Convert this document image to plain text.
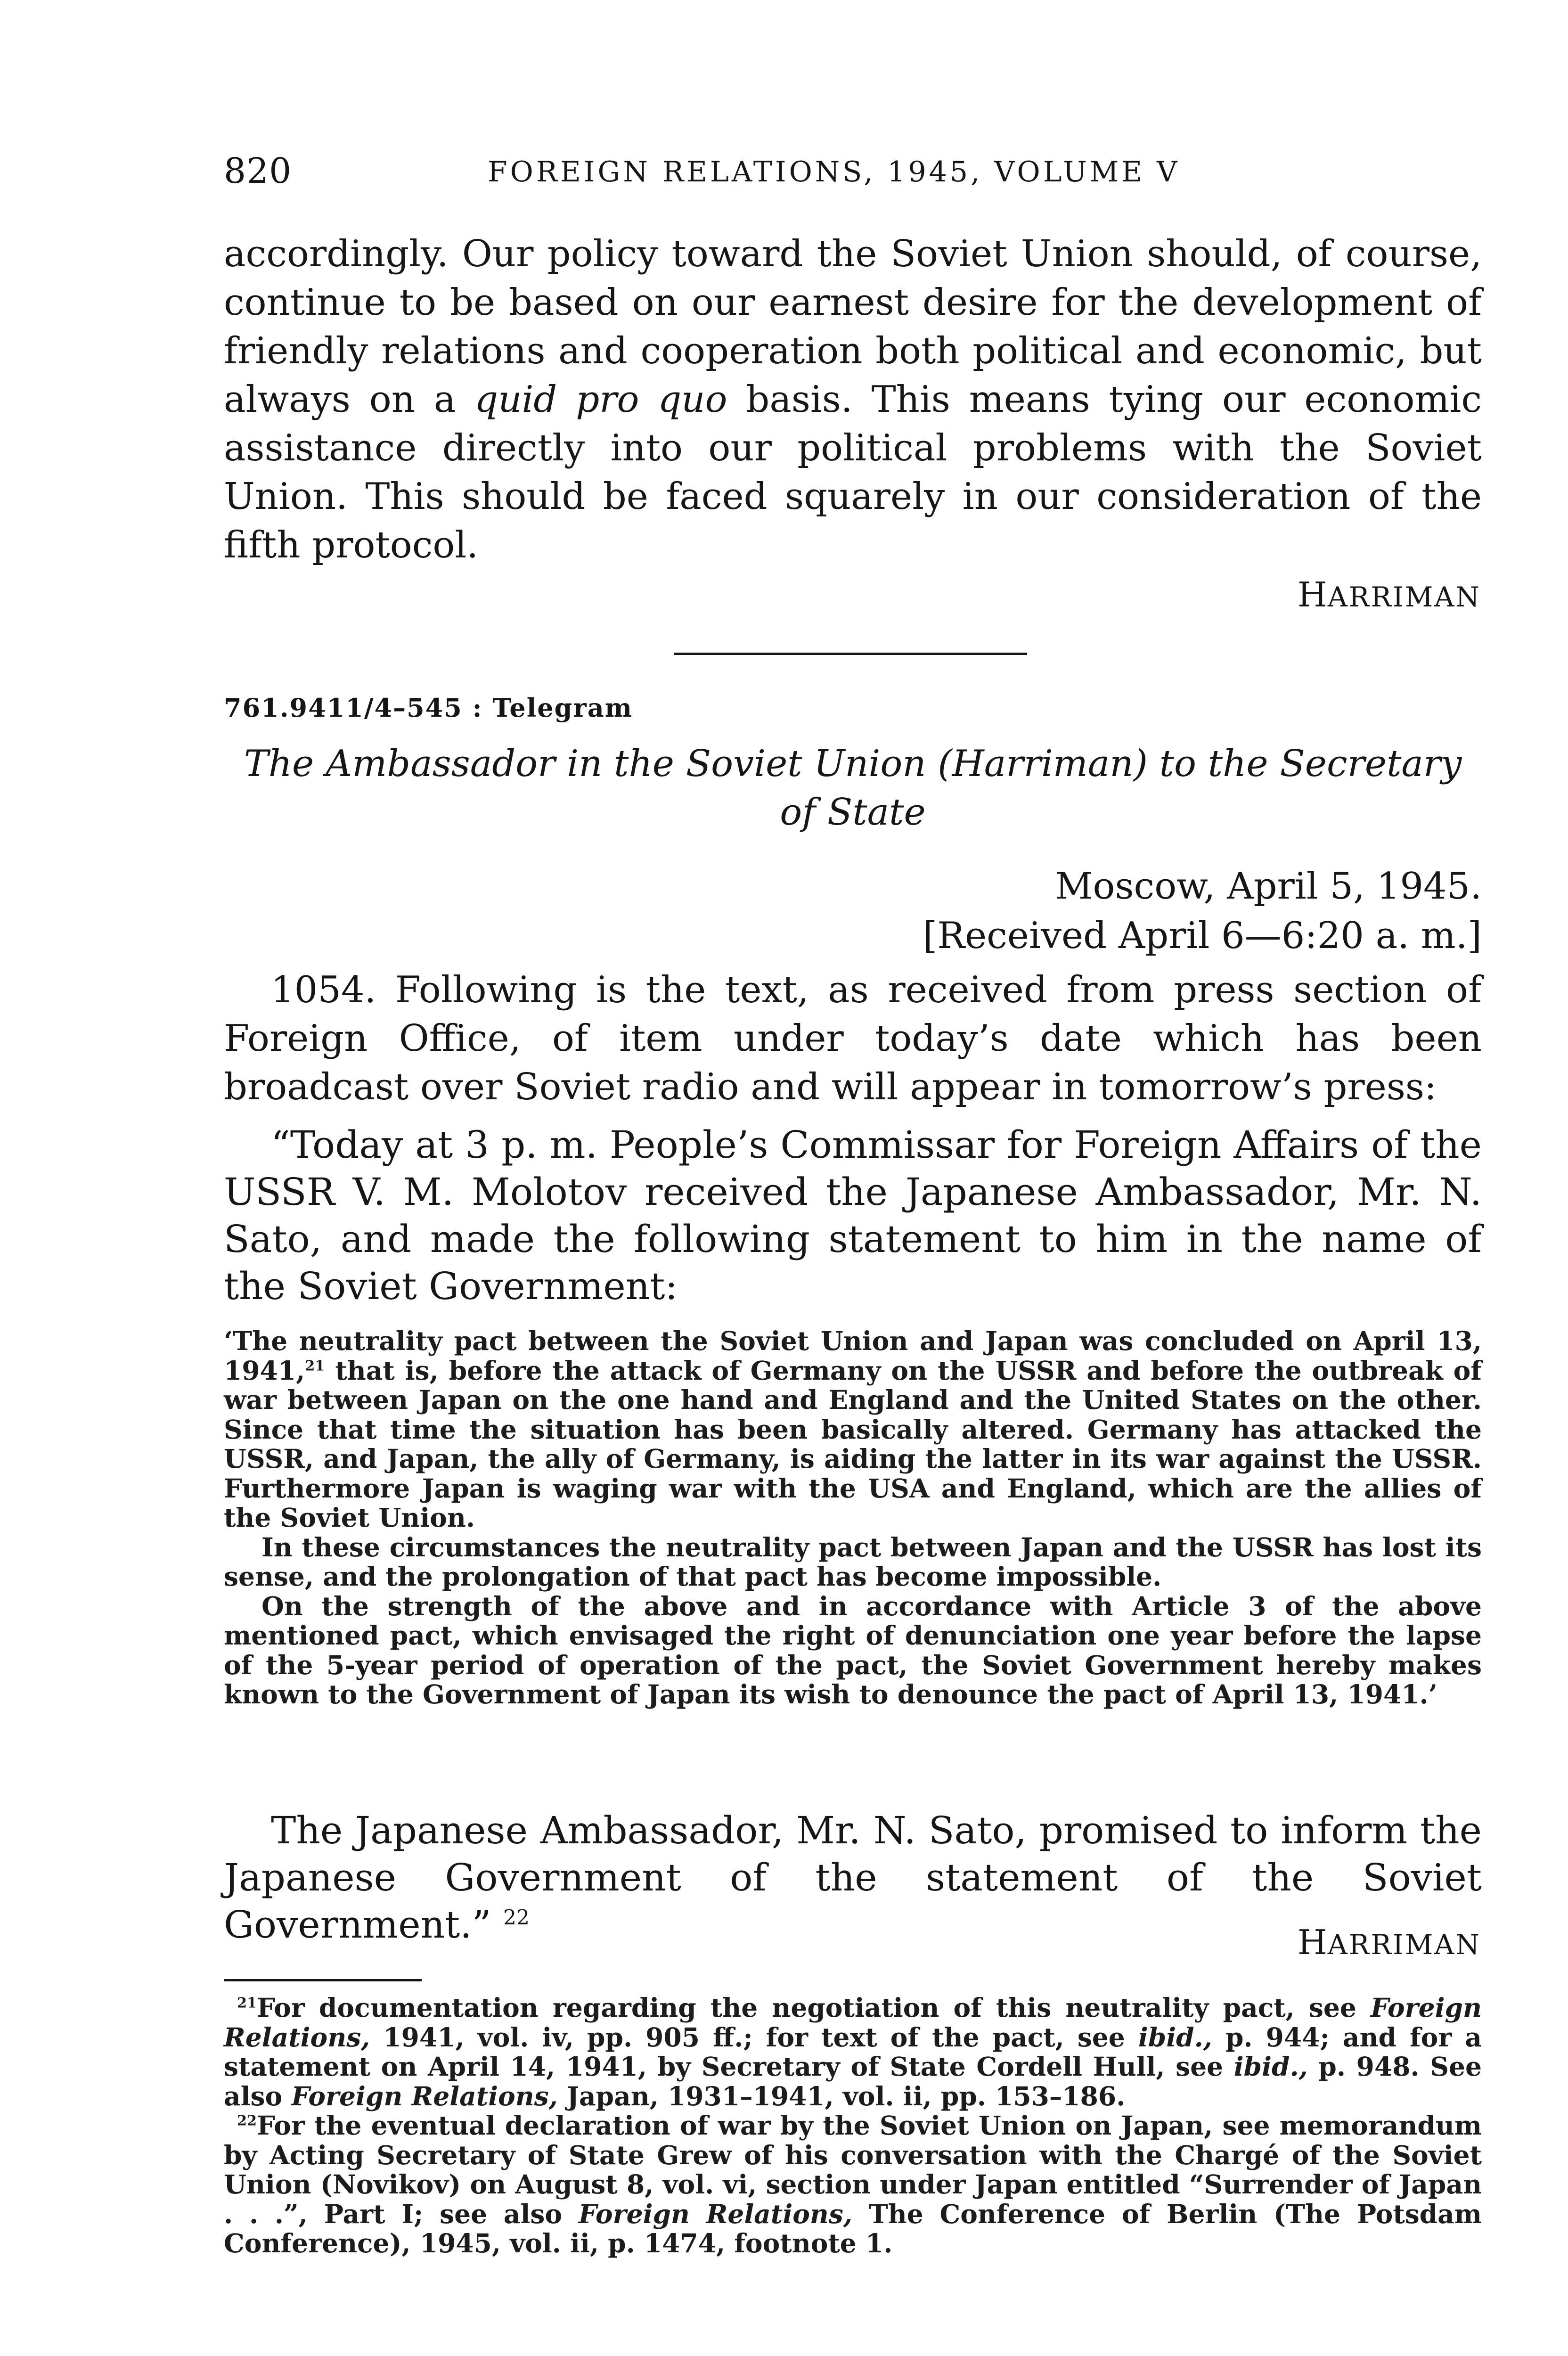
820	FOREIGN RELATIONS, 1945, VOLUME V
accordingly. Our policy toward the Soviet Union should, of course, continue to be based on our earnest desire for the development of friendly relations and cooperation both political and economic, but always on a quid pro quo basis. This means tying our economic assistance directly into our political problems with the Soviet Union. This should be faced squarely in our consideration of the fifth protocol.
HARRIMAN
761.9411/4–545 : Telegram
The Ambassador in the Soviet Union (Harriman) to the Secretary of State
Moscow, April 5, 1945.
[Received April 6—6:20 a. m.]
1054. Following is the text, as received from press section of Foreign Office, of item under today’s date which has been broadcast over Soviet radio and will appear in tomorrow’s press:
“Today at 3 p. m. People’s Commissar for Foreign Affairs of the USSR V. M. Molotov received the Japanese Ambassador, Mr. N. Sato, and made the following statement to him in the name of the Soviet Government:

‘The neutrality pact between the Soviet Union and Japan was concluded on April 13, 1941,21 that is, before the attack of Germany on the USSR and before the outbreak of war between Japan on the one hand and England and the United States on the other. Since that time the situation has been basically altered. Germany has attacked the USSR, and Japan, the ally of Germany, is aiding the latter in its war against the USSR. Furthermore Japan is waging war with the USA and England, which are the allies of the Soviet Union.

In these circumstances the neutrality pact between Japan and the USSR has lost its sense, and the prolongation of that pact has become impossible.

On the strength of the above and in accordance with Article 3 of the above mentioned pact, which envisaged the right of denunciation one year before the lapse of the 5-year period of operation of the pact, the Soviet Government hereby makes known to the Government of Japan its wish to denounce the pact of April 13, 1941.’

The Japanese Ambassador, Mr. N. Sato, promised to inform the Japanese Government of the statement of the Soviet Government.” $^{22}$
HARRIMAN

$^{21}$For documentation regarding the negotiation of this neutrality pact, see Foreign Relations, 1941, vol. iv, pp. 905 ff.; for text of the pact, see ibid., p. 944; and for a statement on April 14, 1941, by Secretary of State Cordell Hull, see ibid., p. 948. See also Foreign Relations, Japan, 1931–1941, vol. ii, pp. 153–186.

$^{22}$For the eventual declaration of war by the Soviet Union on Japan, see memorandum by Acting Secretary of State Grew of his conversation with the Chargé of the Soviet Union (Novikov) on August 8, vol. vi, section under Japan entitled “Surrender of Japan . . .”, Part I; see also Foreign Relations, The Conference of Berlin (The Potsdam Conference), 1945, vol. ii, p. 1474, footnote 1.
